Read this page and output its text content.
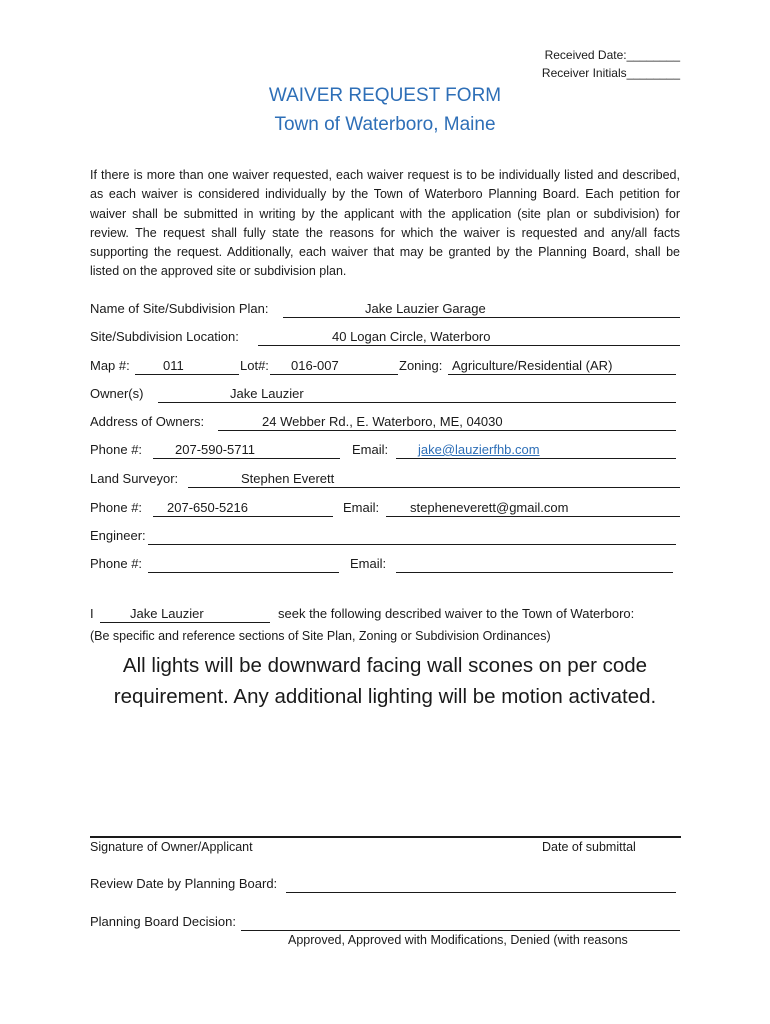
Received Date:________
Receiver Initials________
WAIVER REQUEST FORM
Town of Waterboro, Maine
If there is more than one waiver requested, each waiver request is to be individually listed and described, as each waiver is considered individually by the Town of Waterboro Planning Board. Each petition for waiver shall be submitted in writing by the applicant with the application (site plan or subdivision) for review. The request shall fully state the reasons for which the waiver is requested and any/all facts supporting the request. Additionally, each waiver that may be granted by the Planning Board, shall be listed on the approved site or subdivision plan.
Name of Site/Subdivision Plan:	Jake Lauzier Garage
Site/Subdivision Location:	40 Logan Circle, Waterboro
Map #:	011	Lot#: 016-007	Zoning: Agriculture/Residential (AR)
Owner(s)	Jake Lauzier
Address of Owners:	24 Webber Rd., E. Waterboro, ME, 04030
Phone #:	207-590-5711	Email: jake@lauzierfhb.com
Land Surveyor:	Stephen Everett
Phone #: 207-650-5216	Email: stepheneverett@gmail.com
Engineer:
Phone #:	Email:
I	Jake Lauzier	seek the following described waiver to the Town of Waterboro:
(Be specific and reference sections of Site Plan, Zoning or Subdivision Ordinances)
All lights will be downward facing wall scones on per code requirement. Any additional lighting will be motion activated.
Signature of Owner/Applicant	Date of submittal
Review Date by Planning Board:
Planning Board Decision:
Approved, Approved with Modifications, Denied (with reasons
